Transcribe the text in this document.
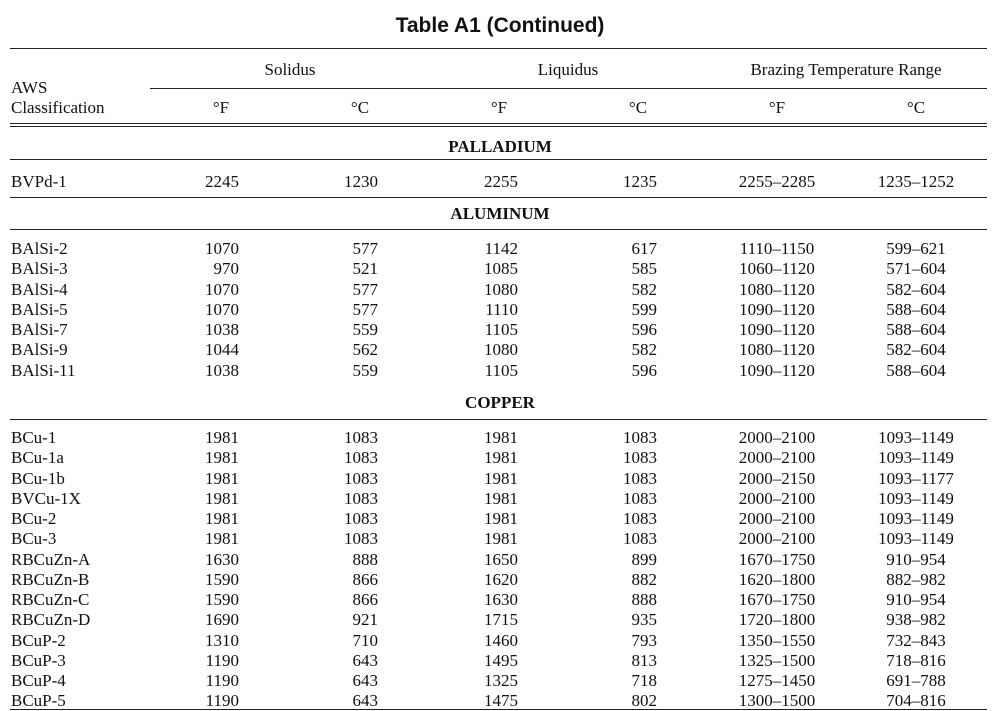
Table A1 (Continued)
AWS
Classification
Solidus	Liquidus	Brazing Temperature Range
°F	°C	°F	°C	°F	°C
PALLADIUM
BVPd-1	2245	1230	2255	1235	2255–2285	1235–1252
ALUMINUM
BAlSi-2	1070	577	1142	617	1110–1150	599–621
BAlSi-3	970	521	1085	585	1060–1120	571–604
BAlSi-4	1070	577	1080	582	1080–1120	582–604
BAlSi-5	1070	577	1110	599	1090–1120	588–604
BAlSi-7	1038	559	1105	596	1090–1120	588–604
BAlSi-9	1044	562	1080	582	1080–1120	582–604
BAlSi-11	1038	559	1105	596	1090–1120	588–604
COPPER
BCu-1	1981	1083	1981	1083	2000–2100	1093–1149
BCu-1a	1981	1083	1981	1083	2000–2100	1093–1149
BCu-1b	1981	1083	1981	1083	2000–2150	1093–1177
BVCu-1X	1981	1083	1981	1083	2000–2100	1093–1149
BCu-2	1981	1083	1981	1083	2000–2100	1093–1149
BCu-3	1981	1083	1981	1083	2000–2100	1093–1149
RBCuZn-A	1630	888	1650	899	1670–1750	910–954
RBCuZn-B	1590	866	1620	882	1620–1800	882–982
RBCuZn-C	1590	866	1630	888	1670–1750	910–954
RBCuZn-D	1690	921	1715	935	1720–1800	938–982
BCuP-2	1310	710	1460	793	1350–1550	732–843
BCuP-3	1190	643	1495	813	1325–1500	718–816
BCuP-4	1190	643	1325	718	1275–1450	691–788
BCuP-5	1190	643	1475	802	1300–1500	704–816
